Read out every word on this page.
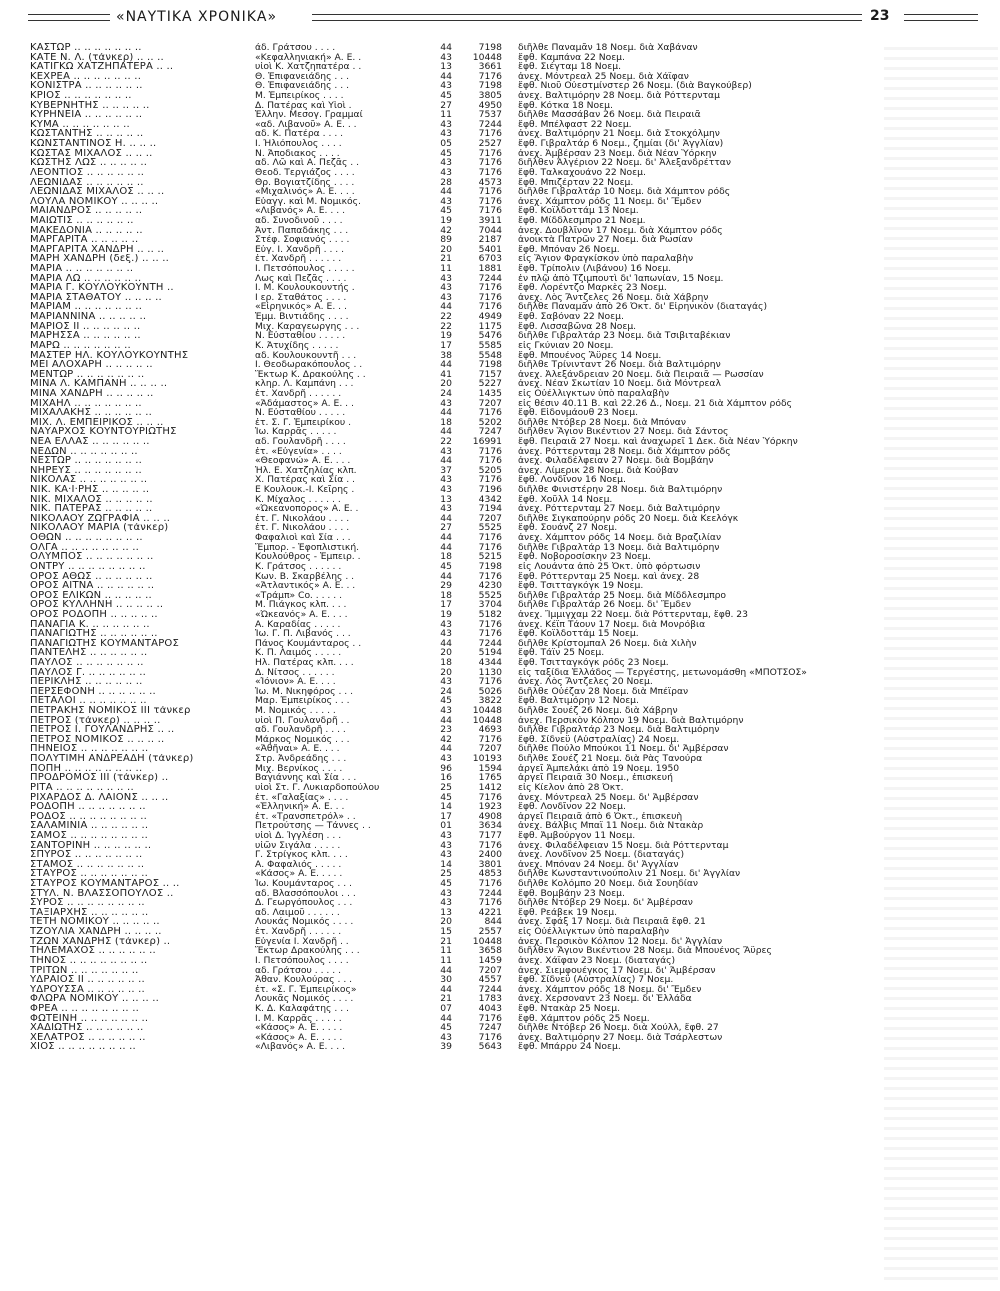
«ΝΑΥΤΙΚΑ ΧΡΟΝΙΚΑ»	23
ΚΑΣΤΩΡ .. .. .. .. .. .. ..	άδ. Γράτσου . . . .	44	7198 διῆλθε Παναμᾶν 18 Νοεμ. διὰ Χαβάναν
ΚΑΤΕ Ν. Λ. (τάνκερ) .. .. ..	«Κεφαλληνιακή» Α. Ε. .	43	10448 ἔφθ. Καμπάνα 22 Νοεμ.
ΚΑΤΙΓΚΩ ΧΑΤΖΗΠΑΤΕΡΑ .. ..	υἱοὶ Κ. Χατζηπατέρα . .	13	3661 ἔφθ. Σιέγταμ 18 Νοεμ.
ΚΕΧΡΕΑ .. .. .. .. .. .. ..	Θ. Ἐπιφανειάδης . . .	44	7176 ἀνεχ. Μόντρεαλ 25 Νοεμ. διὰ Χάϊφαν
ΚΟΝΙΣΤΡΑ .. .. .. .. .. ..	Θ. Ἐπιφανειάδης . . .	43	7198 ἔφθ. Νιοῦ Οὐεστμίνστερ 26 Νοεμ. (διὰ Βαγκούβερ)
ΚΡΙΟΣ .. .. .. .. .. .. ..	Μ. Ἐμπειρίκος . . . .	45	3805 ἀνεχ. Βαλτιμόρην 28 Νοεμ. διὰ Ρόττερνταμ
ΚΥΒΕΡΝΗΤΗΣ .. .. .. .. ..	Δ. Πατέρας καὶ Υἱοὶ .	27	4950 ἔφθ. Κότκα 18 Νοεμ.
ΚΥΡΗΝΕΙΑ .. .. .. .. .. ..	Ἑλλην. Μεσογ. Γραμμαί	11	7537 διῆλθε Μασσάβαν 26 Νοεμ. διὰ Πειραιᾶ
ΚΥΜΑ .. .. .. .. .. .. ..	«αδ. Λιβανοῦ» Α. Ε. . .	43	7244 ἔφθ. Μπέλφαστ 22 Νοεμ.
ΚΩΣΤΑΝΤΗΣ .. .. .. .. ..	αδ. Κ. Πατέρα . . . .	43	7176 ἀνεχ. Βαλτιμόρην 21 Νοεμ. διὰ Στοκχόλμην
ΚΩΝΣΤΑΝΤΙΝΟΣ Η. .. .. ..	Ι. Ἠλιόπουλος . . . .	05	2527 ἔφθ. Γιβραλτάρ 6 Νοεμ., ζημίαι (δι' Ἀγγλίαν)
ΚΩΣΤΑΣ ΜΙΧΑΛΟΣ .. .. ..	Ν. Ἀποδιακος . . . .	45	7176 ἀνεχ. Ἀμβέρσαν 23 Νοεμ. διὰ Νέαν Ὑόρκην
ΚΩΣΤΗΣ ΛΩΣ .. .. .. .. ..	αδ. Λῶ καὶ Α. Πεζᾶς . .	43	7176 διῆλθεν Ἀλγέριον 22 Νοεμ. δι' Ἀλεξανδρέτταν
ΛΕΟΝΤΙΟΣ .. .. .. .. .. ..	Θεοδ. Τεργιάζος . . . .	43	7176 ἔφθ. Ταλκαχουάνο 22 Νοεμ.
ΛΕΩΝΙΔΑΣ .. .. .. .. .. ..	Θρ. Βογιατζίδης . . . .	28	4573 ἔφθ. Μπιζέρταν 22 Νοεμ.
ΛΕΩΝΙΔΑΣ ΜΙΧΑΛΟΣ .. .. ..	«Μιχαλινός» Α. Ε. . . .	44	7176 διῆλθε Γιβραλτάρ 10 Νοεμ. διὰ Χάμπτον ρόδς
ΛΟΥΛΑ ΝΟΜΙΚΟΥ .. .. .. ..	Εὐαγγ. καὶ Μ. Νομικός.	43	7176 ἀνεχ. Χάμπτον ρόδς 11 Νοεμ. δι' Ἔμδεν
ΜΑΙΑΝΔΡΟΣ .. .. .. .. ..	«Λιβανός» Α. Ε. . . .	45	7176 ἔφθ. Κοϊλδοττάμ 13 Νοεμ.
ΜΑΙΩΤΙΣ .. .. .. .. .. ..	αδ. Συνοδινοῦ . . . .	19	3911 ἔφθ. Μίδδλεσμπρο 21 Νοεμ.
ΜΑΚΕΔΟΝΙΑ .. .. .. .. ..	Ἀντ. Παπαδάκης . . .	42	7044 ἀνεχ. Δουβλῖνον 17 Νοεμ. διὰ Χάμπτον ρόδς
ΜΑΡΓΑΡΙΤΑ .. .. .. .. ..	Στέφ. Σοφιανός . . . .	89	2187 ἀνοικτὰ Πατρῶν 27 Νοεμ. διὰ Ρωσίαν
ΜΑΡΓΑΡΙΤΑ ΧΑΝΔΡΗ .. .. ..	Εὐγ. Ι. Χανδρῆ . . . .	20	5401 ἔφθ. Μπόναν 26 Νοεμ.
ΜΑΡΗ ΧΑΝΔΡΗ (δεξ.) .. .. ..	ἐτ. Χανδρῆ . . . . . .	21	6703 εἰς Ἅγιον Φραγκίσκον ὑπὸ παραλαβὴν
ΜΑΡΙΑ .. .. .. .. .. .. ..	Ι. Πετσόπουλος . . . . .	11	1881 ἔφθ. Τρίπολιν (Λιβάνου) 16 Νοεμ.
ΜΑΡΙΑ ΛΩ .. .. .. .. .. ..	Λως καὶ Πεζᾶς . . . .	43	7244 ἐν πλῷ ἀπὸ Τζιμπουτὶ δι' Ἰαπωνίαν, 15 Νοεμ.
ΜΑΡΙΑ Γ. ΚΟΥΛΟΥΚΟΥΝΤΗ ..	Ι. Μ. Κουλουκουντής .	43	7176 ἔφθ. Λορέντζο Μαρκὲς 23 Νοεμ.
ΜΑΡΙΑ ΣΤΑΘΑΤΟΥ .. .. .. ..	Ι ερ. Σταθάτος . . . .	43	7176 ἀνεχ. Λὸς Ἄντζελες 26 Νοεμ. διὰ Χάβρην
ΜΑΡΙΑΜ .. .. .. .. .. .. ..	«Εἰρηνικός» Α. Ε. . .	44	7176 διῆλθε Παναμᾶν ἀπὸ 26 Ὀκτ. δι' Εἰρηνικὸν (διαταγάς)
ΜΑΡΙΑΝΝΙΝΑ .. .. .. .. ..	Ἐμμ. Βιντιάδης . . . .	22	4949 ἔφθ. Σαβόναν 22 Νοεμ.
ΜΑΡΙΟΣ ΙΙ .. .. .. .. .. ..	Μιχ. Καραγεωργης . . .	22	1175 ἔφθ. Λισσαβῶνα 28 Νοεμ.
ΜΑΡΗΣΣΑ .. .. .. .. .. ..	Ν. Εὐσταθίου . . . . .	19	5476 διῆλθε Γιβραλτάρ 23 Νοεμ. διὰ Τσιβιταβέκιαν
ΜΑΡΩ .. .. .. .. .. .. ..	Κ. Ἀτυχίδης . . . . .	17	5585 εἰς Γκύνιαν 20 Νοεμ.
ΜΑΣΤΕΡ ΗΛ. ΚΟΥΛΟΥΚΟΥΝΤΗΣ	αδ. Κουλουκουντῆ . . .	38	5548 ἔφθ. Μπουένος Ἄϋρες 14 Νοεμ.
ΜΕΙ ΑΛΟΧΑΡΗ .. .. .. .. ..	Ι. Θεοδωρακόπουλος . .	44	7198 διῆλθε Τρίνινταντ 26 Νοεμ. διὰ Βαλτιμόρην
ΜΕΝΤΩΡ .. .. .. .. .. .. ..	Ἕκτωρ Κ. Δρακούλης . .	41	7157 ἀνεχ. Ἀλεξάνδρειαν 20 Νοεμ. διὰ Πειραιᾶ — Ρωσσίαν
ΜΙΝΑ Λ. ΚΑΜΠΑΝΗ .. .. .. ..	κληρ. Λ. Καμπάνη . . .	20	5227 ἀνεχ. Νέαν Σκωτίαν 10 Νοεμ. διὰ Μόντρεαλ
ΜΙΝΑ ΧΑΝΔΡΗ .. .. .. .. ..	ἐτ. Χανδρῆ . . . . . .	24	1435 εἰς Οὐέλλιγκτων ὑπὸ παραλαβὴν
ΜΙΧΑΗΛ .. .. .. .. .. .. ..	«Ἀδάμαστος» Α. Ε. . .	43	7207 εἰς θέσιν 40.11 Β. καὶ 22.26 Δ., Νοεμ. 21 διὰ Χάμπτον ρόδς
ΜΙΧΑΛΑΚΗΣ .. .. .. .. .. ..	Ν. Εὐσταθίου . . . . .	44	7176 ἔφθ. Εἰδονμάουθ 23 Νοεμ.
ΜΙΧ. Λ. ΕΜΠΕΙΡΙΚΟΣ .. .. ..	ἐτ. Σ. Γ. Ἐμπειρίκου .	18	5202 διῆλθε Ντόβερ 28 Νοεμ. διὰ Μπόναν
ΝΑΥΑΡΧΟΣ ΚΟΥΝΤΟΥΡΙΩΤΗΣ	Ἰω. Καρρᾶς . . . . .	44	7247 διῆλθεν Ἅγιον Βικέντιον 27 Νοεμ. διὰ Σάντος
ΝΕΑ ΕΛΛΑΣ .. .. .. .. .. ..	αδ. Γουλανδρῆ . . . .	22	16991 ἔφθ. Πειραιᾶ 27 Νοεμ. καὶ ἀναχωρεῖ 1 Δεκ. διὰ Νέαν Ὑόρκην
ΝΕΔΩΝ .. .. .. .. .. .. ..	ἐτ. «Εὐγενία» . . . .	43	7176 ἀνεχ. Ρόττερνταμ 28 Νοεμ. διὰ Χάμπτον ρόδς
ΝΕΣΤΩΡ .. .. .. .. .. .. ..	«Θεοφανώ» Α. Ε. . . .	44	7176 ἀνεχ. Φιλαδέλφειαν 27 Νοεμ. διὰ Βομβάην
ΝΗΡΕΥΣ .. .. .. .. .. .. ..	Ἠλ. Ε. Χατζηλίας κλπ.	37	5205 ἀνεχ. Λίμερικ 28 Νοεμ. διὰ Κούβαν
ΝΙΚΟΛΑΣ .. .. .. .. .. .. ..	Χ. Πατέρας καὶ Σία . .	43	7176 ἔφθ. Λονδῖνον 16 Νοεμ.
ΝΙΚ. ΚΑ·Ι·ΡΗΣ .. .. .. .. ..	Ε Κουλουκ.-Ι. Κεῖρης .	43	7196 διῆλθε Φινιστέρην 28 Νοεμ. διὰ Βαλτιμόρην
ΝΙΚ. ΜΙΧΑΛΟΣ .. .. .. .. ..	Κ. Μίχαλος . . . . . .	13	4342 ἔφθ. Χοῦλλ 14 Νοεμ.
ΝΙΚ. ΠΑΤΕΡΑΣ .. .. .. .. ..	«Ὠκεανοπορος» Α. Ε. .	43	7194 ἀνεχ. Ρόττερνταμ 27 Νοεμ. διὰ Βαλτιμόρην
ΝΙΚΟΛΑΟΥ ΖΩΓΡΑΦΙΑ .. .. ..	ἐτ. Γ. Νικολάου . . . .	44	7207 διῆλθε Σιγκαπούρην ρόδς 20 Νοεμ. διὰ Κεελόγκ
ΝΙΚΟΛΑΟΥ ΜΑΡΙΑ (τάνκερ)	ἐτ. Γ. Νικολάου . . . .	27	5525 ἔφθ. Σουάνζ 27 Νοεμ.
ΟΘΩΝ .. .. .. .. .. .. .. ..	Φαφαλιοὶ καὶ Σία . . .	44	7176 ἀνεχ. Χάμπτον ρόδς 14 Νοεμ. διὰ Βραζιλίαν
ΟΛΓΑ .. .. .. .. .. .. .. ..	Ἔμπορ. - Ἐφοπλιστική.	44	7176 διῆλθε Γιβραλτάρ 13 Νοεμ. διὰ Βαλτιμόρην
ΟΛΥΜΠΟΣ .. .. .. .. .. .. ..	Κουλούθρος - Ἐμπειρ. .	18	5215 ἔφθ. Νοβοροσίσκην 23 Νοεμ.
ΟΝΤΡΥ .. .. .. .. .. .. .. ..	Κ. Γράτσος . . . . . .	45	7198 εἰς Λουάντα ἀπὸ 25 Ὀκτ. ὑπὸ φόρτωσιν
ΟΡΟΣ ΑΘΩΣ .. .. .. .. .. ..	Κων. Β. Σκαρβέλης . .	44	7176 ἔφθ. Ρόττερνταμ 25 Νοεμ. καὶ ἀνεχ. 28
ΟΡΟΣ ΑΙΤΝΑ .. .. .. .. .. ..	«Ἀτλαντικός» Α. Ε. . .	29	4230 ἔφθ. Τσιτταγκόγκ 19 Νοεμ.
ΟΡΟΣ ΕΛΙΚΩΝ .. .. .. .. ..	«Τράμπ» Co. . . . . .	18	5525 διῆλθε Γιβραλτάρ 25 Νοεμ. διὰ Μίδδλεσμπρο
ΟΡΟΣ ΚΥΛΛΗΝΗ .. .. .. .. ..	Μ. Πιάγκος κλπ. . . .	17	3704 διῆλθε Γιβραλτάρ 26 Νοεμ. δι' Ἔμδεν
ΟΡΟΣ ΡΟΔΟΠΗ .. .. .. .. ..	«Ὠκεανός» Α. Ε. . . .	19	5182 ἀνεχ. Ἴμμιγχαμ 22 Νοεμ. διὰ Ρόττερνταμ, ἔφθ. 23
ΠΑΝΑΓΙΑ Κ. .. .. .. .. .. ..	Α. Καραδίας . . . . .	43	7176 ἀνεχ. Κέϊπ Τάουν 17 Νοεμ. διὰ Μονρόβια
ΠΑΝΑΓΙΩΤΗΣ .. .. .. .. .. ..	Ἰω. Γ. Π. Λιβανός . . .	43	7176 ἔφθ. Κοϊλδοττάμ 15 Νοεμ.
ΠΑΝΑΓΙΩΤΗΣ ΚΟΥΜΑΝΤΑΡΟΣ	Πάνος Κουμάνταρος . .	44	7244 διῆλθε Κρίστομπαλ 26 Νοεμ. διὰ Χιλὴν
ΠΑΝΤΕΛΗΣ .. .. .. .. .. ..	Κ. Π. Λαιμός . . . . .	20	5194 ἔφθ. Τάϊν 25 Νοεμ.
ΠΑΥΛΟΣ .. .. .. .. .. .. ..	Ηλ. Πατέρας κλπ. . . .	18	4344 ἔφθ. Τσιτταγκόγκ ρόδς 23 Νοεμ.
ΠΑΥΛΟΣ Γ. .. .. .. .. .. ..	Δ. Νίτσος . . . . . .	20	1130 εἰς ταξίδια Ἑλλάδος — Τεργέστης, μετωνομάσθη «ΜΠΟΤΣΟΣ»
ΠΕΡΙΚΛΗΣ .. .. .. .. .. ..	«Ἰόνιον» Α. Ε. . . .	43	7176 ἀνεχ. Λὸς Ἄντζελες 20 Νοεμ.
ΠΕΡΣΕΦΟΝΗ .. .. .. .. .. ..	Ἰω. Μ. Νικηφόρος . . .	24	5026 διῆλθε Οὐέζαν 28 Νοεμ. διὰ Μπέϊραν
ΠΕΤΑΛΟΙ .. .. .. .. .. .. ..	Μαρ. Ἐμπειρίκος . . .	45	3822 ἔφθ. Βαλτιμόρην 12 Νοεμ.
ΠΕΤΡΑΚΗΣ ΝΟΜΙΚΟΣ ΙΙΙ τάνκερ	Μ. Νομικός . . . . .	43	10448 διῆλθε Σουέζ 26 Νοεμ. διὰ Χάβρην
ΠΕΤΡΟΣ (τάνκερ) .. .. .. ..	υἱοὶ Π. Γουλανδρῆ . .	44	10448 ἀνεχ. Περσικὸν Κόλπον 19 Νοεμ. διὰ Βαλτιμόρην
ΠΕΤΡΟΣ Ι. ΓΟΥΛΑΝΔΡΗΣ .. ..	αδ. Γουλανδρῆ . . . .	23	4693 διῆλθε Γιβραλτάρ 23 Νοεμ. διὰ Βαλτιμόρην
ΠΕΤΡΟΣ ΝΟΜΙΚΟΣ .. .. .. ..	Μάρκος Νομικός . . .	42	7176 ἔφθ. Σίδνεϋ (Αὐστραλίας) 24 Νοεμ.
ΠΗΝΕΙΟΣ .. .. .. .. .. .. ..	«Ἀθῆναι» Α. Ε. . . .	44	7207 διῆλθε Πούλο Μπούκοι 11 Νοεμ. δι' Ἀμβέρσαν
ΠΟΛΥΤΙΜΗ ΑΝΔΡΕΑΔΗ (τάνκερ)	Στρ. Ἀνδρεάδης . . .	43	10193 διῆλθε Σουέζ 21 Νοεμ. διὰ Ρὰς Τανούρα
ΠΟΠΗ .. .. .. .. .. .. .. ..	Μιχ. Βερνίκος . . . .	96	1594 ἀργεῖ Ἀμπελάκι ἀπὸ 19 Νοεμ. 1950
ΠΡΟΔΡΟΜΟΣ ΙΙΙ (τάνκερ) ..	Βαγιάννης καὶ Σία . . .	16	1765 ἀργεῖ Πειραιᾶ 30 Νοεμ., ἐπισκευή
ΡΙΤΑ .. .. .. .. .. .. .. ..	υἱοὶ Στ. Γ. Λυκιαρδοπούλου	25	1412 εἰς Κίελον ἀπὸ 28 Ὀκτ.
ΡΙΧΑΡΔΟΣ Δ. ΛΑΙΟΝΣ .. .. ..	ἐτ. «Γαλαξίας» . . . .	45	7176 ἀνεχ. Μόντρεαλ 25 Νοεμ. δι' Ἀμβέρσαν
ΡΟΔΟΠΗ .. .. .. .. .. .. ..	«Ἑλληνική» Α. Ε. . .	14	1923 ἔφθ. Λονδῖνον 22 Νοεμ.
ΡΟΔΟΣ .. .. .. .. .. .. .. ..	ἐτ. «Τρανσπετρόλ» . .	17	4908 ἀργεῖ Πειραιᾶ ἀπὸ 6 Ὀκτ., ἐπισκευὴ
ΣΑΛΑΜΙΝΙΑ .. .. .. .. .. ..	Πετρούτσης — Τάννες . .	01	3634 ἀνεχ. Βάλβις Μπαϊ 11 Νοεμ. διὰ Ντακὰρ
ΣΑΜΟΣ .. .. .. .. .. .. .. ..	υἱοὶ Δ. Ἰγγλέση . . .	43	7177 ἔφθ. Ἀμβούργον 11 Νοεμ.
ΣΑΝΤΟΡΙΝΗ .. .. .. .. .. ..	υἱῶν Σιγάλα . . . . .	43	7176 ἀνεχ. Φιλαδέλφειαν 15 Νοεμ. διὰ Ρόττερνταμ
ΣΠΥΡΟΣ .. .. .. .. .. .. ..	Γ. Στρίγκος κλπ. . . .	43	2400 ἀνεχ. Λονδῖνον 25 Νοεμ. (διαταγάς)
ΣΤΑΜΟΣ .. .. .. .. .. .. ..	Α. Φαφαλιός . . . . .	14	3801 ἀνεχ. Μπόναν 24 Νοεμ. δι' Ἀγγλίαν
ΣΤΑΥΡΟΣ .. .. .. .. .. .. ..	«Κάσος» Α. Ε. . . . .	25	4853 διῆλθε Κωνσταντινούπολιν 21 Νοεμ. δι' Ἀγγλίαν
ΣΤΑΥΡΟΣ ΚΟΥΜΑΝΤΑΡΟΣ .. ..	Ἰω. Κουμάνταρος . . .	45	7176 διῆλθε Κολόμπο 20 Νοεμ. διὰ Σουηδίαν
ΣΤΥΛ. Ν. ΒΛΑΣΣΟΠΟΥΛΟΣ ..	αδ. Βλασσόπουλοι . . .	43	7244 ἔφθ. Βομβάην 23 Νοεμ.
ΣΥΡΟΣ .. .. .. .. .. .. .. ..	Δ. Γεωργόπουλος . . .	43	7176 διῆλθε Ντόβερ 29 Νοεμ. δι' Ἀμβέρσαν
ΤΑΞΙΑΡΧΗΣ .. .. .. .. .. ..	αδ. Λαιμοῦ . . . . . .	13	4221 ἔφθ. Ρεάβεκ 19 Νοεμ.
ΤΕΤΗ ΝΟΜΙΚΟΥ .. .. .. .. ..	Λουκάς Νομικός . . . .	20	844 ἀνεχ. Σφάξ 17 Νοεμ. διὰ Πειραιᾶ ἔφθ. 21
ΤΖΟΥΛΙΑ ΧΑΝΔΡΗ .. .. .. ..	ἐτ. Χανδρῆ . . . . . .	15	2557 εἰς Οὐέλλιγκτων ὑπὸ παραλαβὴν
ΤΖΩΝ ΧΑΝΔΡΗΣ (τάνκερ) ..	Εὐγενία Ι. Χανδρῆ . .	21	10448 ἀνεχ. Περσικὸν Κόλπον 12 Νοεμ. δι' Ἀγγλίαν
ΤΗΛΕΜΑΧΟΣ .. .. .. .. .. ..	Ἕκτωρ Δρακούλης . . .	11	3658 διῆλθεν Ἅγιον Βικέντιον 28 Νοεμ. διὰ Μπουένος Ἄϋρες
ΤΗΝΟΣ .. .. .. .. .. .. .. ..	Ι. Πετσόπουλος . . . .	11	1459 ἀνεχ. Χάϊφαν 23 Νοεμ. (διαταγάς)
ΤΡΙΤΩΝ .. .. .. .. .. .. ..	αδ. Γράτσου . . . . .	44	7207 ἀνεχ. Σιεμφουέγκος 17 Νοεμ. δι' Ἀμβέρσαν
ΥΔΡΑΙΟΣ ΙΙ .. .. .. .. .. ..	Ἀθαν. Κουλούρας . . .	30	4557 ἔφθ. Σίδνεϋ (Αὐστραλίας) 7 Νοεμ.
ΥΔΡΟΥΣΣΑ .. .. .. .. .. ..	ἐτ. «Σ. Γ. Ἐμπειρίκος»	44	7244 ἀνεχ. Χάμπτον ρόδς 18 Νοεμ. δι' Ἔμδεν
ΦΛΩΡΑ ΝΟΜΙΚΟΥ .. .. .. ..	Λουκᾶς Νομικός . . . .	21	1783 ἀνεχ. Χερσοναντ 23 Νοεμ. δι' Ἑλλάδα
ΦΡΕΑ .. .. .. .. .. .. .. ..	Κ. Δ. Καλαφάτης . . .	07	4043 ἔφθ. Ντακὰρ 25 Νοεμ.
ΦΩΤΕΙΝΗ .. .. .. .. .. .. ..	Ι. Μ. Καρρᾶς . . . . .	44	7176 ἔφθ. Χάμπτον ρόδς 25 Νοεμ.
ΧΑΔΙΩΤΗΣ .. .. .. .. .. ..	«Κάσος» Α. Ε. . . . .	45	7247 διῆλθε Ντόβερ 26 Νοεμ. διὰ Χούλλ, ἔφθ. 27
ΧΕΛΑΤΡΟΣ .. .. .. .. .. ..	«Κάσος» Α. Ε. . . . .	43	7176 ἀνεχ. Βαλτιμόρην 27 Νοεμ. διὰ Τσάρλεστων
ΧΙΟΣ .. .. .. .. .. .. .. ..	«Λιβανός» Α. Ε. . . .	39	5643 ἔφθ. Μπάρρυ 24 Νοεμ.
